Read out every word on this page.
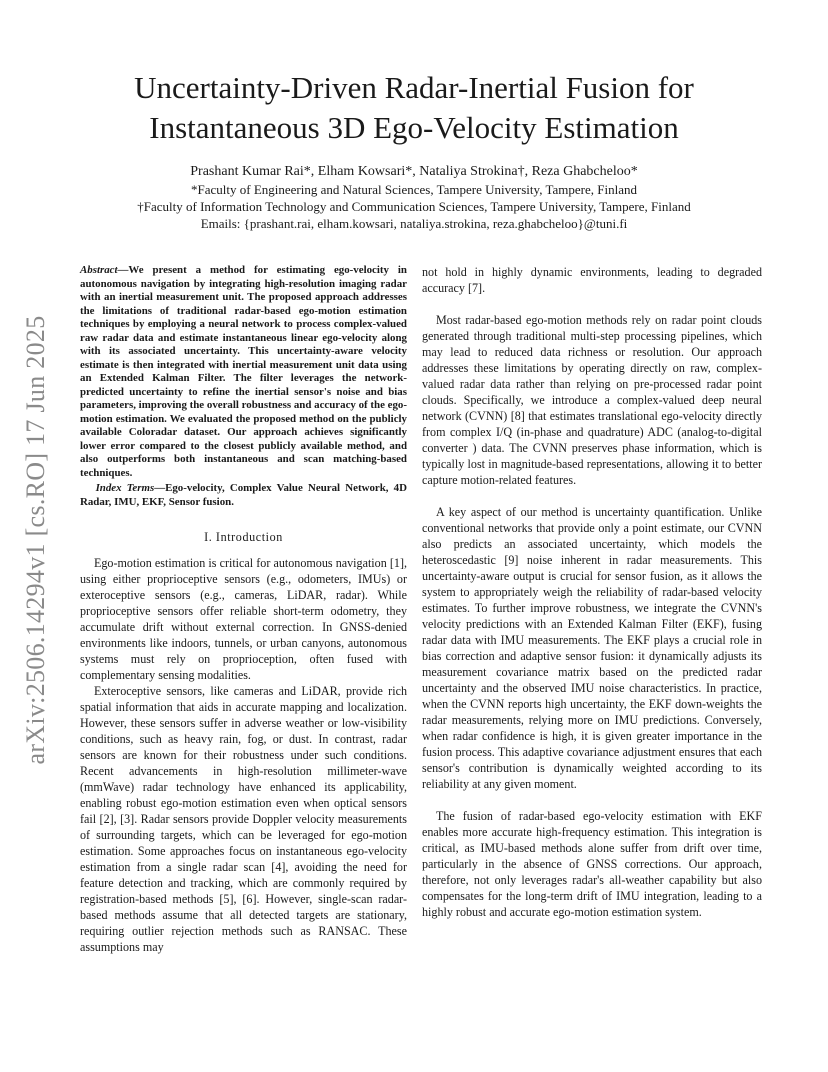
arXiv:2506.14294v1 [cs.RO] 17 Jun 2025
Uncertainty-Driven Radar-Inertial Fusion for
Instantaneous 3D Ego-Velocity Estimation
Prashant Kumar Rai*, Elham Kowsari*, Nataliya Strokina†, Reza Ghabcheloo*
*Faculty of Engineering and Natural Sciences, Tampere University, Tampere, Finland
†Faculty of Information Technology and Communication Sciences, Tampere University, Tampere, Finland
Emails: {prashant.rai, elham.kowsari, nataliya.strokina, reza.ghabcheloo}@tuni.fi

Abstract—We present a method for estimating ego-velocity in autonomous navigation by integrating high-resolution imaging radar with an inertial measurement unit. The proposed approach addresses the limitations of traditional radar-based ego-motion estimation techniques by employing a neural network to process complex-valued raw radar data and estimate instantaneous linear ego-velocity along with its associated uncertainty. This uncertainty-aware velocity estimate is then integrated with inertial measurement unit data using an Extended Kalman Filter. The filter leverages the network-predicted uncertainty to refine the inertial sensor's noise and bias parameters, improving the overall robustness and accuracy of the ego-motion estimation. We evaluated the proposed method on the publicly available Coloradar dataset. Our approach achieves significantly lower error compared to the closest publicly available method, and also outperforms both instantaneous and scan matching-based techniques.

Index Terms—Ego-velocity, Complex Value Neural Network, 4D Radar, IMU, EKF, Sensor fusion.

I. Introduction

Ego-motion estimation is critical for autonomous navigation [1], using either proprioceptive sensors (e.g., odometers, IMUs) or exteroceptive sensors (e.g., cameras, LiDAR, radar). While proprioceptive sensors offer reliable short-term odometry, they accumulate drift without external correction. In GNSS-denied environments like indoors, tunnels, or urban canyons, autonomous systems must rely on proprioception, often fused with complementary sensing modalities.

Exteroceptive sensors, like cameras and LiDAR, provide rich spatial information that aids in accurate mapping and localization. However, these sensors suffer in adverse weather or low-visibility conditions, such as heavy rain, fog, or dust. In contrast, radar sensors are known for their robustness under such conditions. Recent advancements in high-resolution millimeter-wave (mmWave) radar technology have enhanced its applicability, enabling robust ego-motion estimation even when optical sensors fail [2], [3]. Radar sensors provide Doppler velocity measurements of surrounding targets, which can be leveraged for ego-motion estimation. Some approaches focus on instantaneous ego-velocity estimation from a single radar scan [4], avoiding the need for feature detection and tracking, which are commonly required by registration-based methods [5], [6]. However, single-scan radar-based methods assume that all detected targets are stationary, requiring outlier rejection methods such as RANSAC. These assumptions may

not hold in highly dynamic environments, leading to degraded accuracy [7].

Most radar-based ego-motion methods rely on radar point clouds generated through traditional multi-step processing pipelines, which may lead to reduced data richness or resolution. Our approach addresses these limitations by operating directly on raw, complex-valued radar data rather than relying on pre-processed radar point clouds. Specifically, we introduce a complex-valued deep neural network (CVNN) [8] that estimates translational ego-velocity directly from complex I/Q (in-phase and quadrature) ADC (analog-to-digital converter ) data. The CVNN preserves phase information, which is typically lost in magnitude-based representations, allowing it to better capture motion-related features.

A key aspect of our method is uncertainty quantification. Unlike conventional networks that provide only a point estimate, our CVNN also predicts an associated uncertainty, which models the heteroscedastic [9] noise inherent in radar measurements. This uncertainty-aware output is crucial for sensor fusion, as it allows the system to appropriately weigh the reliability of radar-based velocity estimates. To further improve robustness, we integrate the CVNN's velocity predictions with an Extended Kalman Filter (EKF), fusing radar data with IMU measurements. The EKF plays a crucial role in bias correction and adaptive sensor fusion: it dynamically adjusts its measurement covariance matrix based on the predicted radar uncertainty and the observed IMU noise characteristics. In practice, when the CVNN reports high uncertainty, the EKF down-weights the radar measurements, relying more on IMU predictions. Conversely, when radar confidence is high, it is given greater importance in the fusion process. This adaptive covariance adjustment ensures that each sensor's contribution is dynamically weighted according to its reliability at any given moment.

The fusion of radar-based ego-velocity estimation with EKF enables more accurate high-frequency estimation. This integration is critical, as IMU-based methods alone suffer from drift over time, particularly in the absence of GNSS corrections. Our approach, therefore, not only leverages radar's all-weather capability but also compensates for the long-term drift of IMU integration, leading to a highly robust and accurate ego-motion estimation system.
